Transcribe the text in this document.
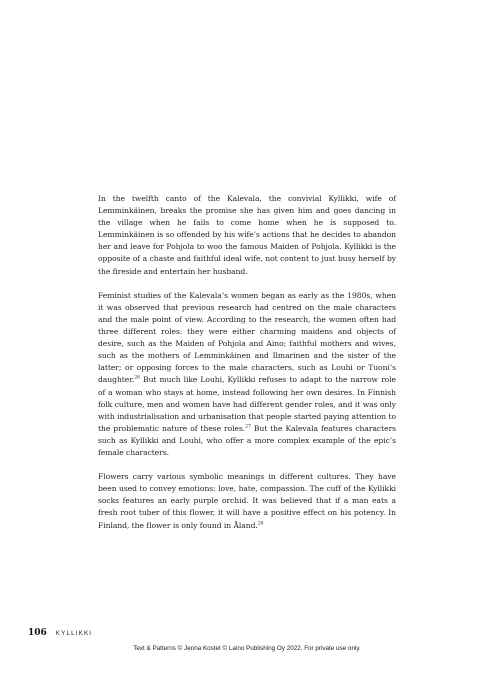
In the twelfth canto of the Kalevala, the convivial Kyllikki, wife of Lemminkäinen, breaks the promise she has given him and goes dancing in the village when he fails to come home when he is supposed to. Lemminkäinen is so offended by his wife’s actions that he decides to abandon her and leave for Pohjola to woo the famous Maiden of Pohjola. Kyllikki is the opposite of a chaste and faithful ideal wife, not content to just busy herself by the fireside and entertain her husband.

Feminist studies of the Kalevala’s women began as early as the 1980s, when it was observed that previous research had centred on the male characters and the male point of view. According to the research, the women often had three different roles: they were either charming maidens and objects of desire, such as the Maiden of Pohjola and Aino; faithful mothers and wives, such as the mothers of Lemminkäinen and Ilmarinen and the sister of the latter; or opposing forces to the male characters, such as Louhi or Tuoni’s daughter.$^{26}$ But much like Louhi, Kyllikki refuses to adapt to the narrow role of a woman who stays at home, instead following her own desires. In Finnish folk culture, men and women have had different gender roles, and it was only with industrialisation and urbanisation that people started paying attention to the problematic nature of these roles.$^{27}$ But the Kalevala features characters such as Kyllikki and Louhi, who offer a more complex example of the epic’s female characters.

Flowers carry various symbolic meanings in different cultures. They have been used to convey emotions: love, hate, compassion. The cuff of the Kyllikki socks features an early purple orchid. It was believed that if a man eats a fresh root tuber of this flower, it will have a positive effect on his potency. In Finland, the flower is only found in Åland.$^{28}$

106 KYLLIKKI
Text & Patterns © Jenna Kostet © Laino Publishing Oy 2022. For private use only.
